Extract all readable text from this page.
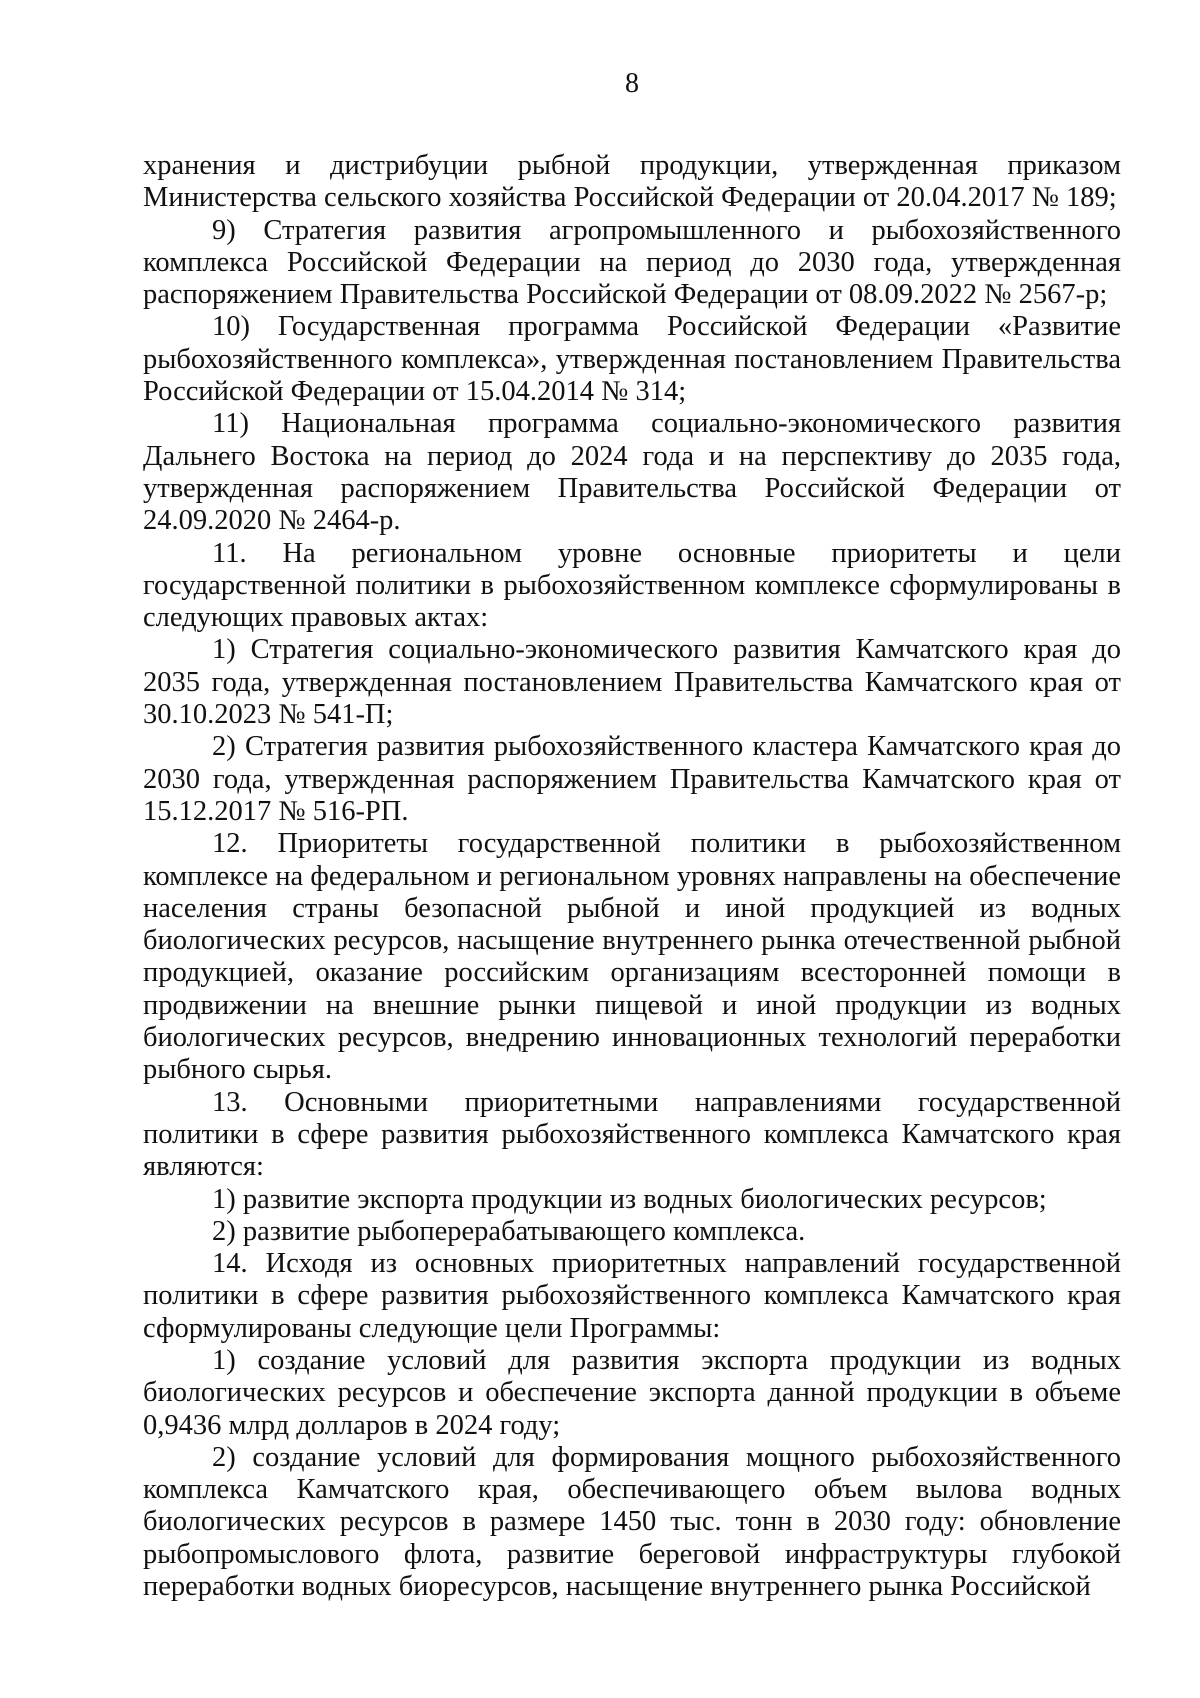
8

хранения и дистрибуции рыбной продукции, утвержденная приказом Министерства сельского хозяйства Российской Федерации от 20.04.2017 № 189;

9) Стратегия развития агропромышленного и рыбохозяйственного комплекса Российской Федерации на период до 2030 года, утвержденная распоряжением Правительства Российской Федерации от 08.09.2022 № 2567-р;

10) Государственная программа Российской Федерации «Развитие рыбохозяйственного комплекса», утвержденная постановлением Правительства Российской Федерации от 15.04.2014 № 314;

11) Национальная программа социально-экономического развития Дальнего Востока на период до 2024 года и на перспективу до 2035 года, утвержденная распоряжением Правительства Российской Федерации от 24.09.2020 № 2464-р.

11. На региональном уровне основные приоритеты и цели государственной политики в рыбохозяйственном комплексе сформулированы в следующих правовых актах:

1) Стратегия социально-экономического развития Камчатского края до 2035 года, утвержденная постановлением Правительства Камчатского края от 30.10.2023 № 541-П;

2) Стратегия развития рыбохозяйственного кластера Камчатского края до 2030 года, утвержденная распоряжением Правительства Камчатского края от 15.12.2017 № 516-РП.

12. Приоритеты государственной политики в рыбохозяйственном комплексе на федеральном и региональном уровнях направлены на обеспечение населения страны безопасной рыбной и иной продукцией из водных биологических ресурсов, насыщение внутреннего рынка отечественной рыбной продукцией, оказание российским организациям всесторонней помощи в продвижении на внешние рынки пищевой и иной продукции из водных биологических ресурсов, внедрению инновационных технологий переработки рыбного сырья.

13. Основными приоритетными направлениями государственной политики в сфере развития рыбохозяйственного комплекса Камчатского края являются:

1) развитие экспорта продукции из водных биологических ресурсов;

2) развитие рыбоперерабатывающего комплекса.

14. Исходя из основных приоритетных направлений государственной политики в сфере развития рыбохозяйственного комплекса Камчатского края сформулированы следующие цели Программы:

1) создание условий для развития экспорта продукции из водных биологических ресурсов и обеспечение экспорта данной продукции в объеме 0,9436 млрд долларов в 2024 году;

2) создание условий для формирования мощного рыбохозяйственного комплекса Камчатского края, обеспечивающего объем вылова водных биологических ресурсов в размере 1450 тыс. тонн в 2030 году: обновление рыбопромыслового флота, развитие береговой инфраструктуры глубокой переработки водных биоресурсов, насыщение внутреннего рынка Российской
